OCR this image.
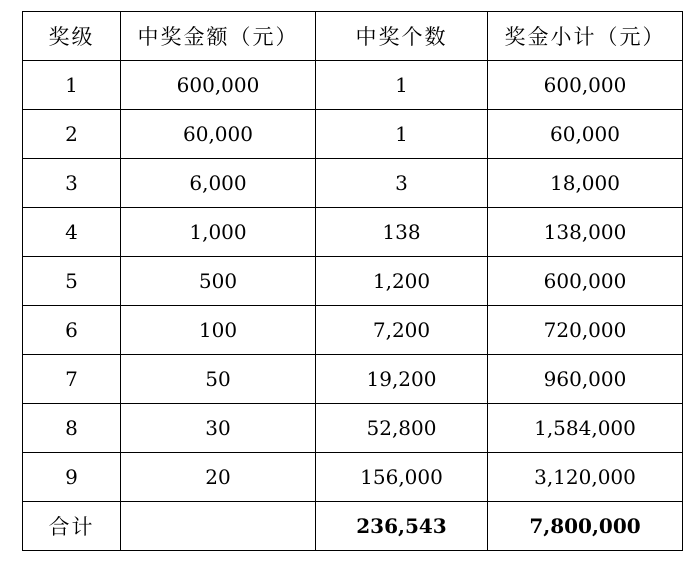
奖级	中奖金额（元）	中奖个数	奖金小计（元）
1	600,000	1	600,000
2	60,000	1	60,000
3	6,000	3	18,000
4	1,000	138	138,000
5	500	1,200	600,000
6	100	7,200	720,000
7	50	19,200	960,000
8	30	52,800	1,584,000
9	20	156,000	3,120,000
合计		236,543	7,800,000
